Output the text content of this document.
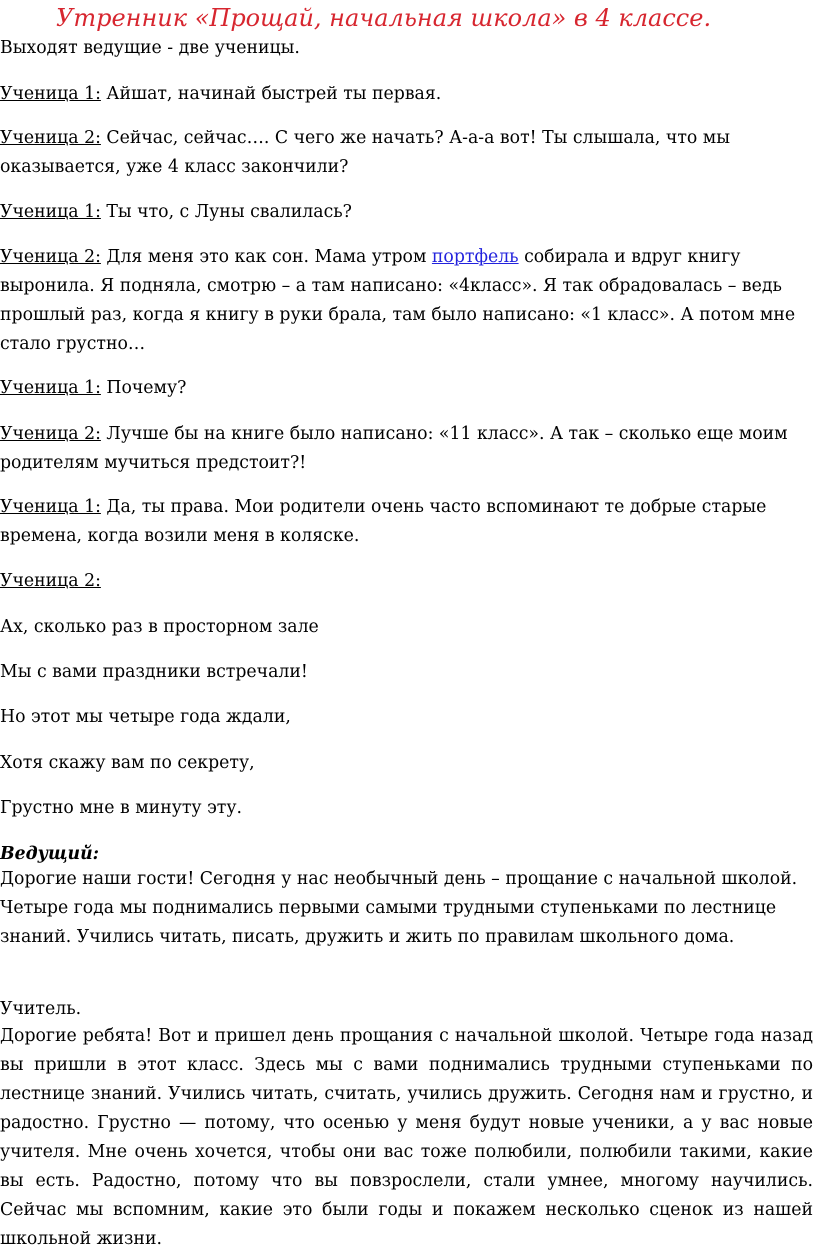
Утренник «Прощай, начальная школа» в 4 классе.

Выходят ведущие - две ученицы.

Ученица 1: Айшат, начинай быстрей ты первая.

Ученица 2: Сейчас, сейчас…. С чего же начать? А-а-а вот! Ты слышала, что мы оказывается, уже 4 класс закончили?

Ученица 1: Ты что, с Луны свалилась?

Ученица 2: Для меня это как сон. Мама утром портфель собирала и вдруг книгу выронила. Я подняла, смотрю – а там написано: «4класс». Я так обрадовалась – ведь прошлый раз, когда я книгу в руки брала, там было написано: «1 класс». А потом мне стало грустно…

Ученица 1: Почему?

Ученица 2: Лучше бы на книге было написано: «11 класс». А так – сколько еще моим родителям мучиться предстоит?!

Ученица 1: Да, ты права. Мои родители очень часто вспоминают те добрые старые времена, когда возили меня в коляске.

Ученица 2:

Ах, сколько раз в просторном зале

Мы с вами праздники встречали!

Но этот мы четыре года ждали,

Хотя скажу вам по секрету,

Грустно мне в минуту эту.

Ведущий:

Дорогие наши гости! Сегодня у нас необычный день – прощание с начальной школой. Четыре года мы поднимались первыми самыми трудными ступеньками по лестнице знаний. Учились читать, писать, дружить и жить по правилам школьного дома.

Учитель.

Дорогие ребята! Вот и пришел день прощания с начальной школой. Четыре года назад вы пришли в этот класс. Здесь мы с вами поднимались трудными ступеньками по лестнице знаний. Учились читать, считать, учились дружить. Сегодня нам и грустно, и радостно. Грустно — потому, что осенью у меня будут новые ученики, а у вас новые учителя. Мне очень хочется, чтобы они вас тоже полюбили, полюбили такими, какие вы есть. Радостно, потому что вы повзрослели, стали умнее, многому научились. Сейчас мы вспомним, какие это были годы и покажем несколько сценок из нашей школьной жизни.
